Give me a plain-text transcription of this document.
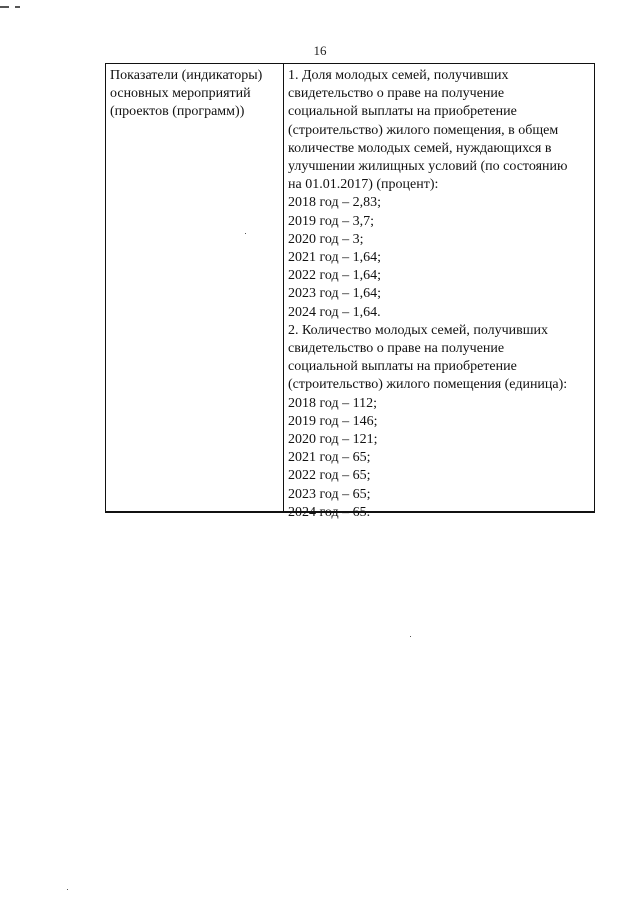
16
Показатели (индикаторы)
основных мероприятий
(проектов (программ))
1. Доля молодых семей, получивших
свидетельство о праве на получение
социальной выплаты на приобретение
(строительство) жилого помещения, в общем
количестве молодых семей, нуждающихся в
улучшении жилищных условий (по состоянию
на 01.01.2017) (процент):
2018 год – 2,83;
2019 год – 3,7;
2020 год – 3;
2021 год – 1,64;
2022 год – 1,64;
2023 год – 1,64;
2024 год – 1,64.
2. Количество молодых семей, получивших
свидетельство о праве на получение
социальной выплаты на приобретение
(строительство) жилого помещения (единица):
2018 год – 112;
2019 год – 146;
2020 год – 121;
2021 год – 65;
2022 год – 65;
2023 год – 65;
2024 год – 65.
